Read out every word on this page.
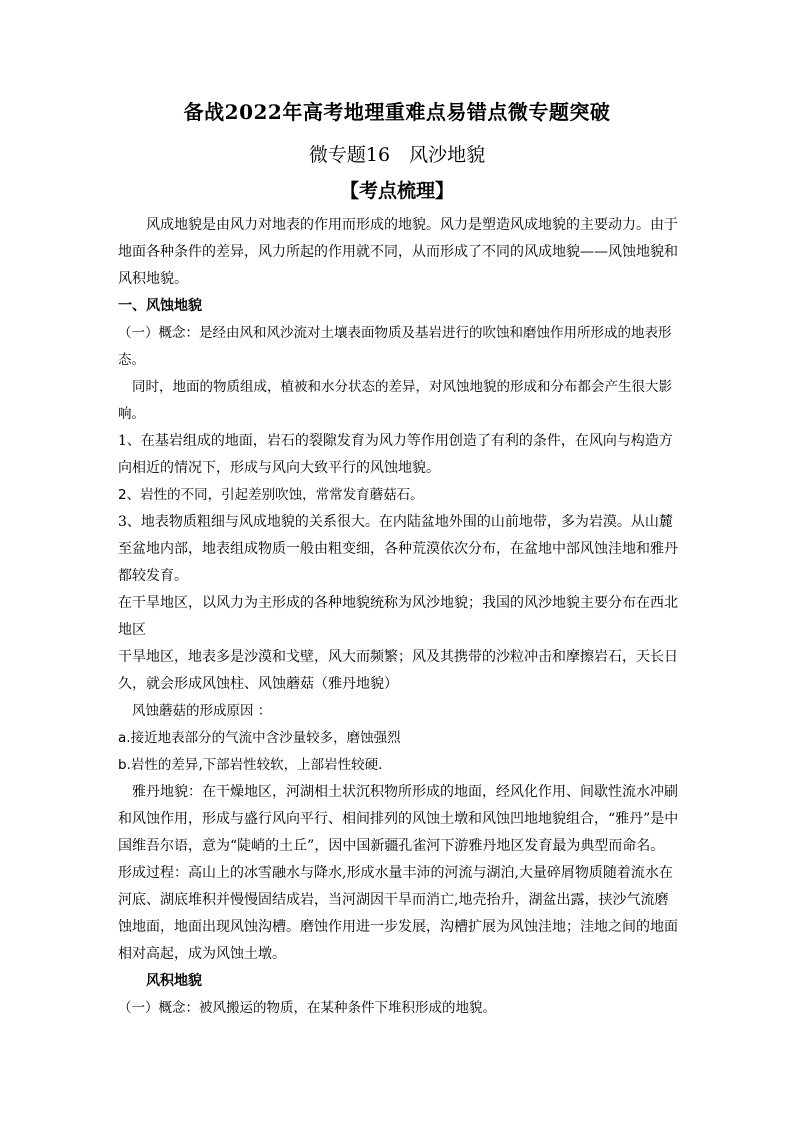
备战2022年高考地理重难点易错点微专题突破
微专题16　风沙地貌
【考点梳理】

风成地貌是由风力对地表的作用而形成的地貌。风力是塑造风成地貌的主要动力。由于地面各种条件的差异，风力所起的作用就不同，从而形成了不同的风成地貌——风蚀地貌和风积地貌。

一、风蚀地貌

（一）概念：是经由风和风沙流对土壤表面物质及基岩进行的吹蚀和磨蚀作用所形成的地表形态。

同时，地面的物质组成，植被和水分状态的差异，对风蚀地貌的形成和分布都会产生很大影响。

1、在基岩组成的地面，岩石的裂隙发育为风力等作用创造了有利的条件，在风向与构造方向相近的情况下，形成与风向大致平行的风蚀地貌。

2、岩性的不同，引起差别吹蚀，常常发育蘑菇石。

3、地表物质粗细与风成地貌的关系很大。在内陆盆地外围的山前地带，多为岩漠。从山麓至盆地内部，地表组成物质一般由粗变细，各种荒漠依次分布，在盆地中部风蚀洼地和雅丹都较发育。

在干旱地区，以风力为主形成的各种地貌统称为风沙地貌；我国的风沙地貌主要分布在西北地区

干旱地区，地表多是沙漠和戈壁，风大而频繁；风及其携带的沙粒冲击和摩擦岩石，天长日久，就会形成风蚀柱、风蚀蘑菇（雅丹地貌）

风蚀蘑菇的形成原因 ：

a.接近地表部分的气流中含沙量较多，磨蚀强烈

b.岩性的差异,下部岩性较软，上部岩性较硬.

雅丹地貌：在干燥地区，河湖相土状沉积物所形成的地面，经风化作用、间歇性流水冲刷和风蚀作用，形成与盛行风向平行、相间排列的风蚀土墩和风蚀凹地地貌组合，“雅丹”是中国维吾尔语，意为“陡峭的土丘”，因中国新疆孔雀河下游雅丹地区发育最为典型而命名。

形成过程：高山上的冰雪融水与降水,形成水量丰沛的河流与湖泊,大量碎屑物质随着流水在河底、湖底堆积并慢慢固结成岩，当河湖因干旱而消亡,地壳抬升，湖盆出露，挟沙气流磨蚀地面，地面出现风蚀沟槽。磨蚀作用进一步发展，沟槽扩展为风蚀洼地；洼地之间的地面相对高起，成为风蚀土墩。

风积地貌

（一）概念：被风搬运的物质，在某种条件下堆积形成的地貌。
